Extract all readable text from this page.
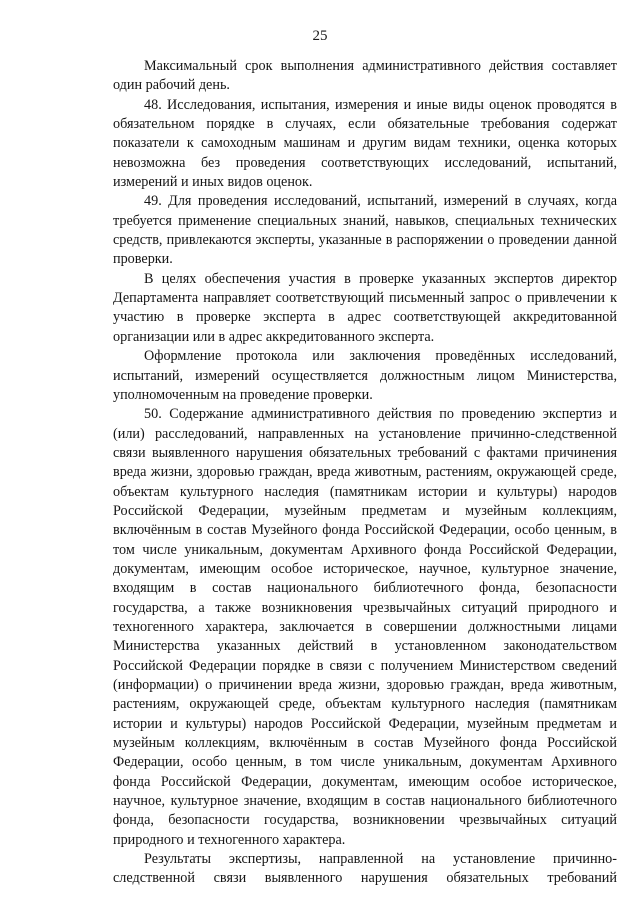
25

Максимальный срок выполнения административного действия составляет один рабочий день.

48. Исследования, испытания, измерения и иные виды оценок проводятся в обязательном порядке в случаях, если обязательные требования содержат показатели к самоходным машинам и другим видам техники, оценка которых невозможна без проведения соответствующих исследований, испытаний, измерений и иных видов оценок.

49. Для проведения исследований, испытаний, измерений в случаях, когда требуется применение специальных знаний, навыков, специальных технических средств, привлекаются эксперты, указанные в распоряжении о проведении данной проверки.

В целях обеспечения участия в проверке указанных экспертов директор Департамента направляет соответствующий письменный запрос о привлечении к участию в проверке эксперта в адрес соответствующей аккредитованной организации или в адрес аккредитованного эксперта.

Оформление протокола или заключения проведённых исследований, испытаний, измерений осуществляется должностным лицом Министерства, уполномоченным на проведение проверки.

50. Содержание административного действия по проведению экспертиз и (или) расследований, направленных на установление причинно-следственной связи выявленного нарушения обязательных требований с фактами причинения вреда жизни, здоровью граждан, вреда животным, растениям, окружающей среде, объектам культурного наследия (памятникам истории и культуры) народов Российской Федерации, музейным предметам и музейным коллекциям, включённым в состав Музейного фонда Российской Федерации, особо ценным, в том числе уникальным, документам Архивного фонда Российской Федерации, документам, имеющим особое историческое, научное, культурное значение, входящим в состав национального библиотечного фонда, безопасности государства, а также возникновения чрезвычайных ситуаций природного и техногенного характера, заключается в совершении должностными лицами Министерства указанных действий в установленном законодательством Российской Федерации порядке в связи с получением Министерством сведений (информации) о причинении вреда жизни, здоровью граждан, вреда животным, растениям, окружающей среде, объектам культурного наследия (памятникам истории и культуры) народов Российской Федерации, музейным предметам и музейным коллекциям, включённым в состав Музейного фонда Российской Федерации, особо ценным, в том числе уникальным, документам Архивного фонда Российской Федерации, документам, имеющим особое историческое, научное, культурное значение, входящим в состав национального библиотечного фонда, безопасности государства, возникновении чрезвычайных ситуаций природного и техногенного характера.

Результаты экспертизы, направленной на установление причинно-следственной связи выявленного нарушения обязательных требований
